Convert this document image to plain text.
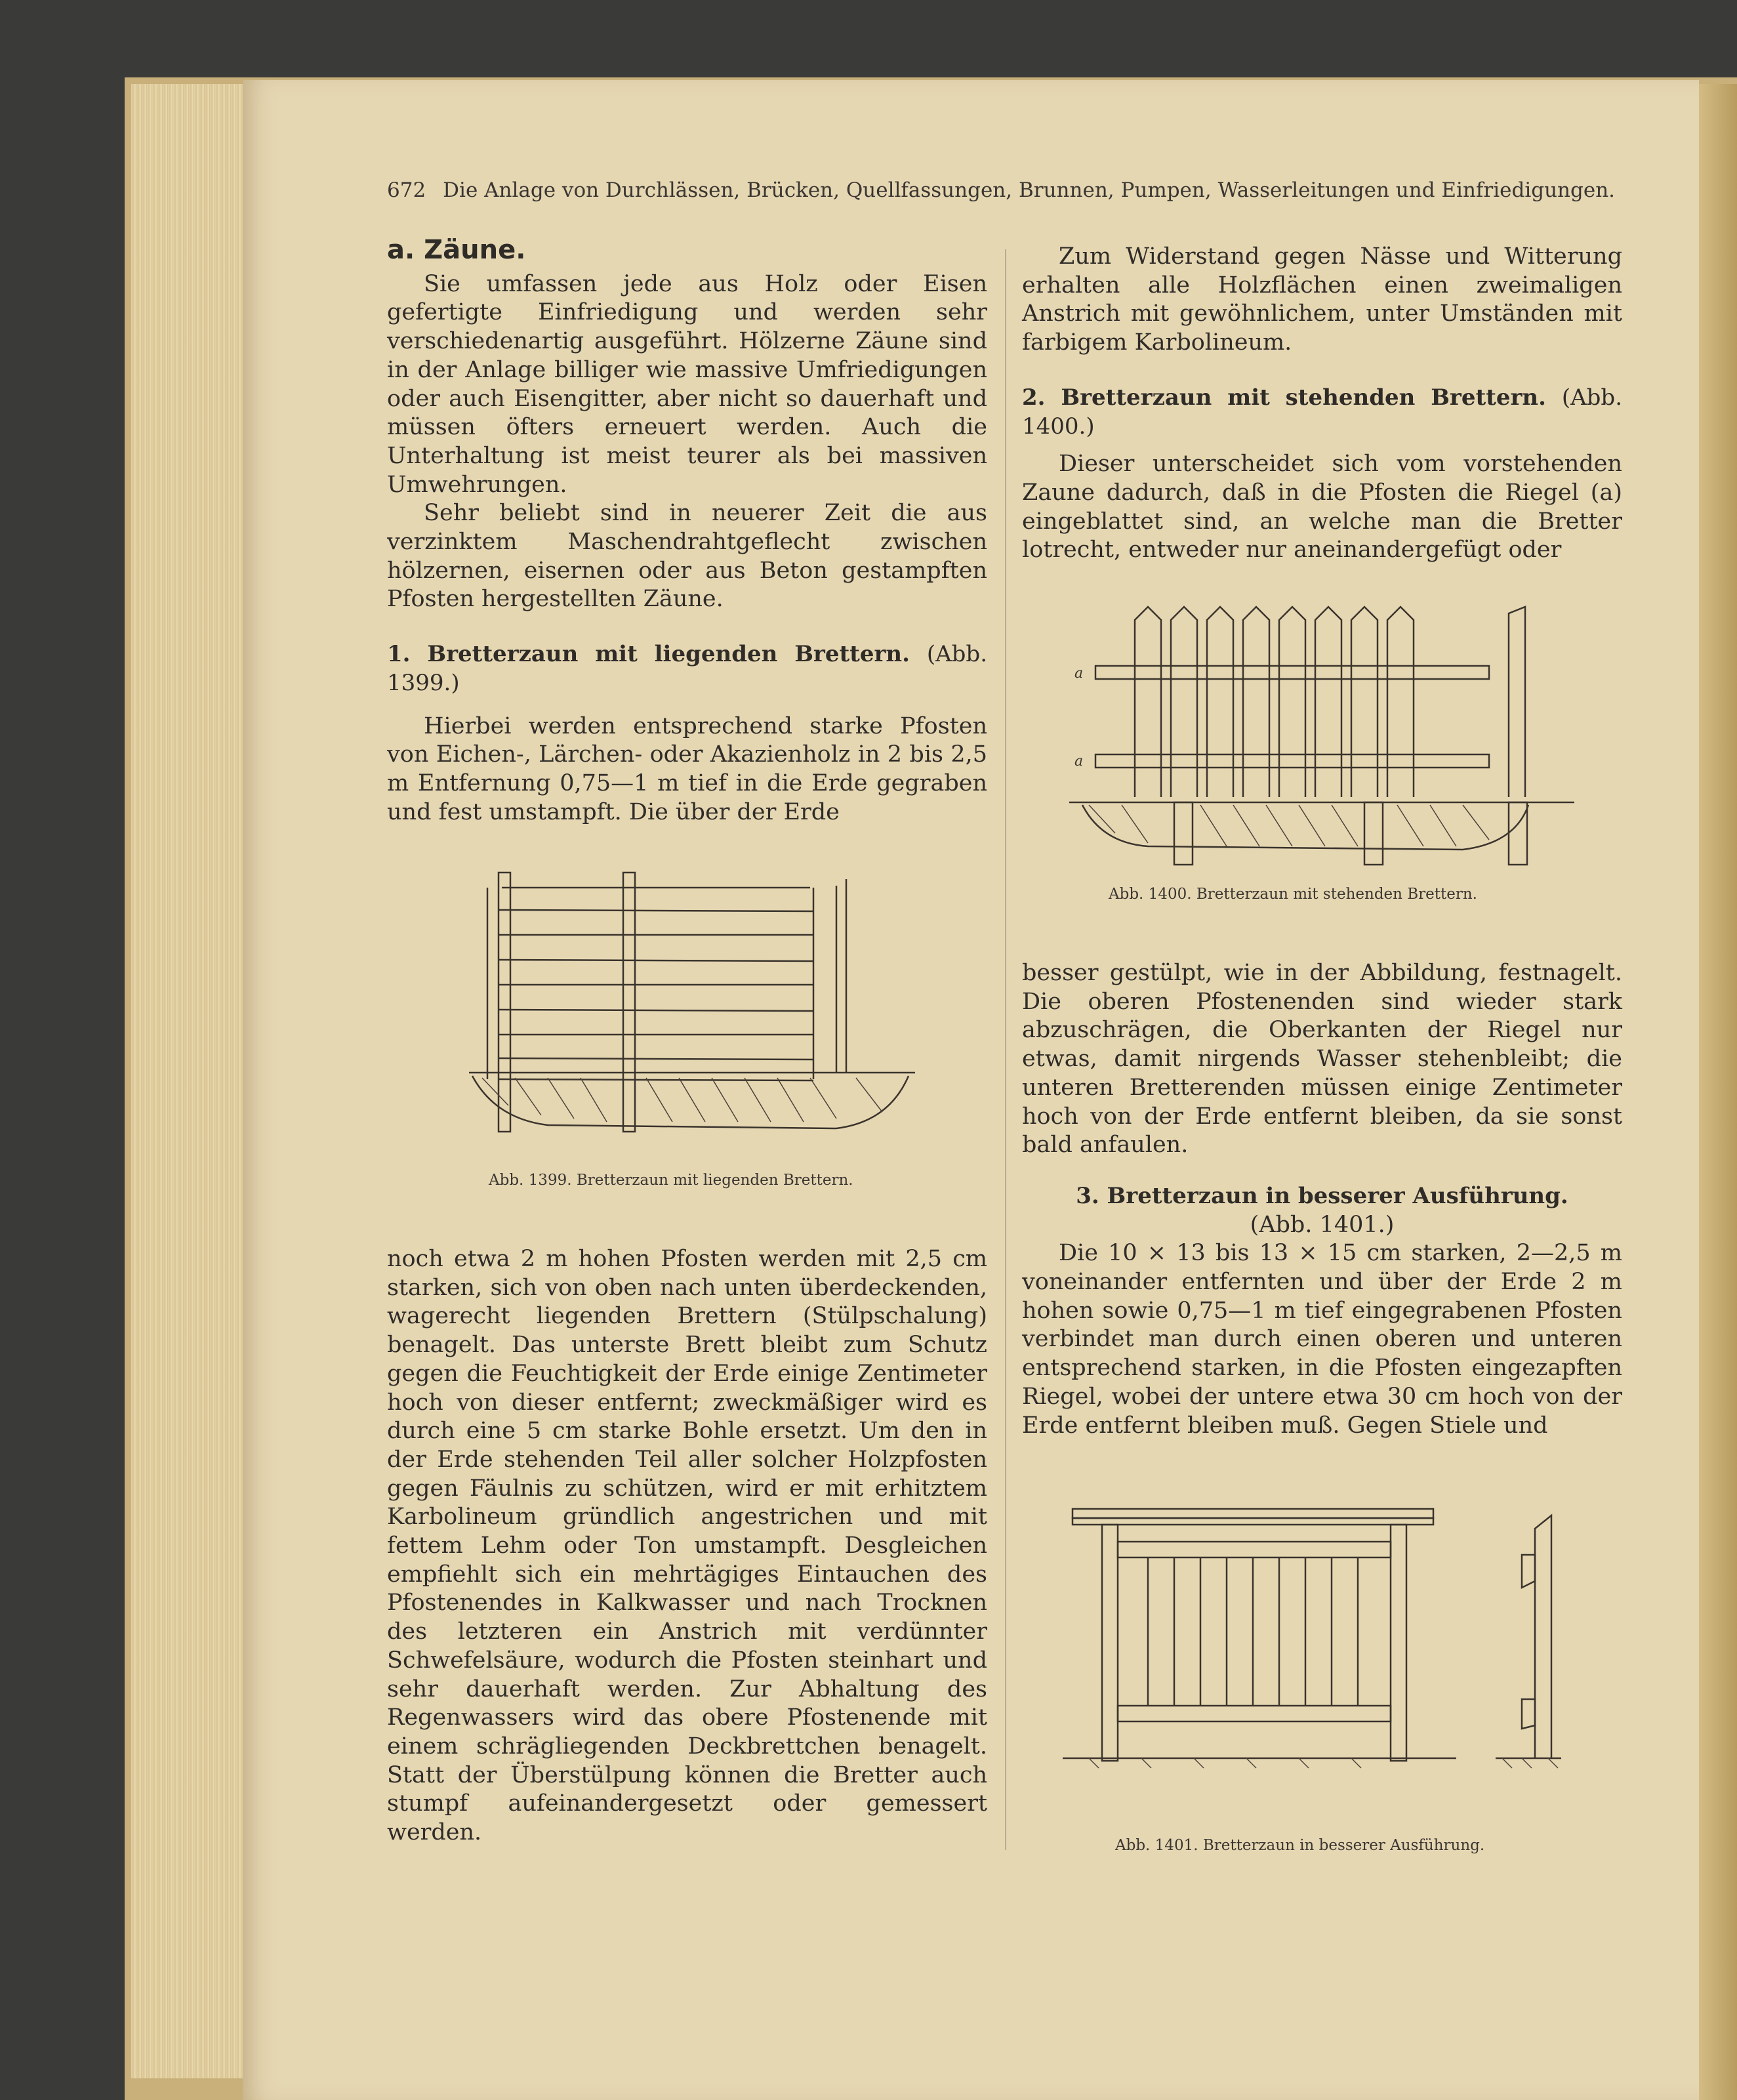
672 Die Anlage von Durchlässen, Brücken, Quellfassungen, Brunnen, Pumpen, Wasserleitungen und Einfriedigungen.

a. Zäune.

Sie umfassen jede aus Holz oder Eisen gefertigte Einfriedigung und werden sehr verschiedenartig ausgeführt. Hölzerne Zäune sind in der Anlage billiger wie massive Umfriedigungen oder auch Eisengitter, aber nicht so dauerhaft und müssen öfters erneuert werden. Auch die Unterhaltung ist meist teurer als bei massiven Umwehrungen.

Sehr beliebt sind in neuerer Zeit die aus verzinktem Maschendrahtgeflecht zwischen hölzernen, eisernen oder aus Beton gestampften Pfosten hergestellten Zäune.

1. Bretterzaun mit liegenden Brettern. (Abb. 1399.)

Hierbei werden entsprechend starke Pfosten von Eichen-, Lärchen- oder Akazienholz in 2 bis 2,5 m Entfernung 0,75—1 m tief in die Erde gegraben und fest umstampft. Die über der Erde

Abb. 1399. Bretterzaun mit liegenden Brettern.

noch etwa 2 m hohen Pfosten werden mit 2,5 cm starken, sich von oben nach unten überdeckenden, wagerecht liegenden Brettern (Stülpschalung) benagelt. Das unterste Brett bleibt zum Schutz gegen die Feuchtigkeit der Erde einige Zentimeter hoch von dieser entfernt; zweckmäßiger wird es durch eine 5 cm starke Bohle ersetzt. Um den in der Erde stehenden Teil aller solcher Holzpfosten gegen Fäulnis zu schützen, wird er mit erhitztem Karbolineum gründlich angestrichen und mit fettem Lehm oder Ton umstampft. Desgleichen empfiehlt sich ein mehrtägiges Eintauchen des Pfostenendes in Kalkwasser und nach Trocknen des letzteren ein Anstrich mit verdünnter Schwefelsäure, wodurch die Pfosten steinhart und sehr dauerhaft werden. Zur Abhaltung des Regenwassers wird das obere Pfostenende mit einem schrägliegenden Deckbrettchen benagelt. Statt der Überstülpung können die Bretter auch stumpf aufeinandergesetzt oder gemessert werden.

Zum Widerstand gegen Nässe und Witterung erhalten alle Holzflächen einen zweimaligen Anstrich mit gewöhnlichem, unter Umständen mit farbigem Karbolineum.

2. Bretterzaun mit stehenden Brettern. (Abb. 1400.)

Dieser unterscheidet sich vom vorstehenden Zaune dadurch, daß in die Pfosten die Riegel (a) eingeblattet sind, an welche man die Bretter lotrecht, entweder nur aneinandergefügt oder

a
a
Abb. 1400. Bretterzaun mit stehenden Brettern.

besser gestülpt, wie in der Abbildung, festnagelt. Die oberen Pfostenenden sind wieder stark abzuschrägen, die Oberkanten der Riegel nur etwas, damit nirgends Wasser stehenbleibt; die unteren Bretterenden müssen einige Zentimeter hoch von der Erde entfernt bleiben, da sie sonst bald anfaulen.

3. Bretterzaun in besserer Ausführung.

(Abb. 1401.)

Die 10 × 13 bis 13 × 15 cm starken, 2—2,5 m voneinander entfernten und über der Erde 2 m hohen sowie 0,75—1 m tief eingegrabenen Pfosten verbindet man durch einen oberen und unteren entsprechend starken, in die Pfosten eingezapften Riegel, wobei der untere etwa 30 cm hoch von der Erde entfernt bleiben muß. Gegen Stiele und

Abb. 1401. Bretterzaun in besserer Ausführung.
